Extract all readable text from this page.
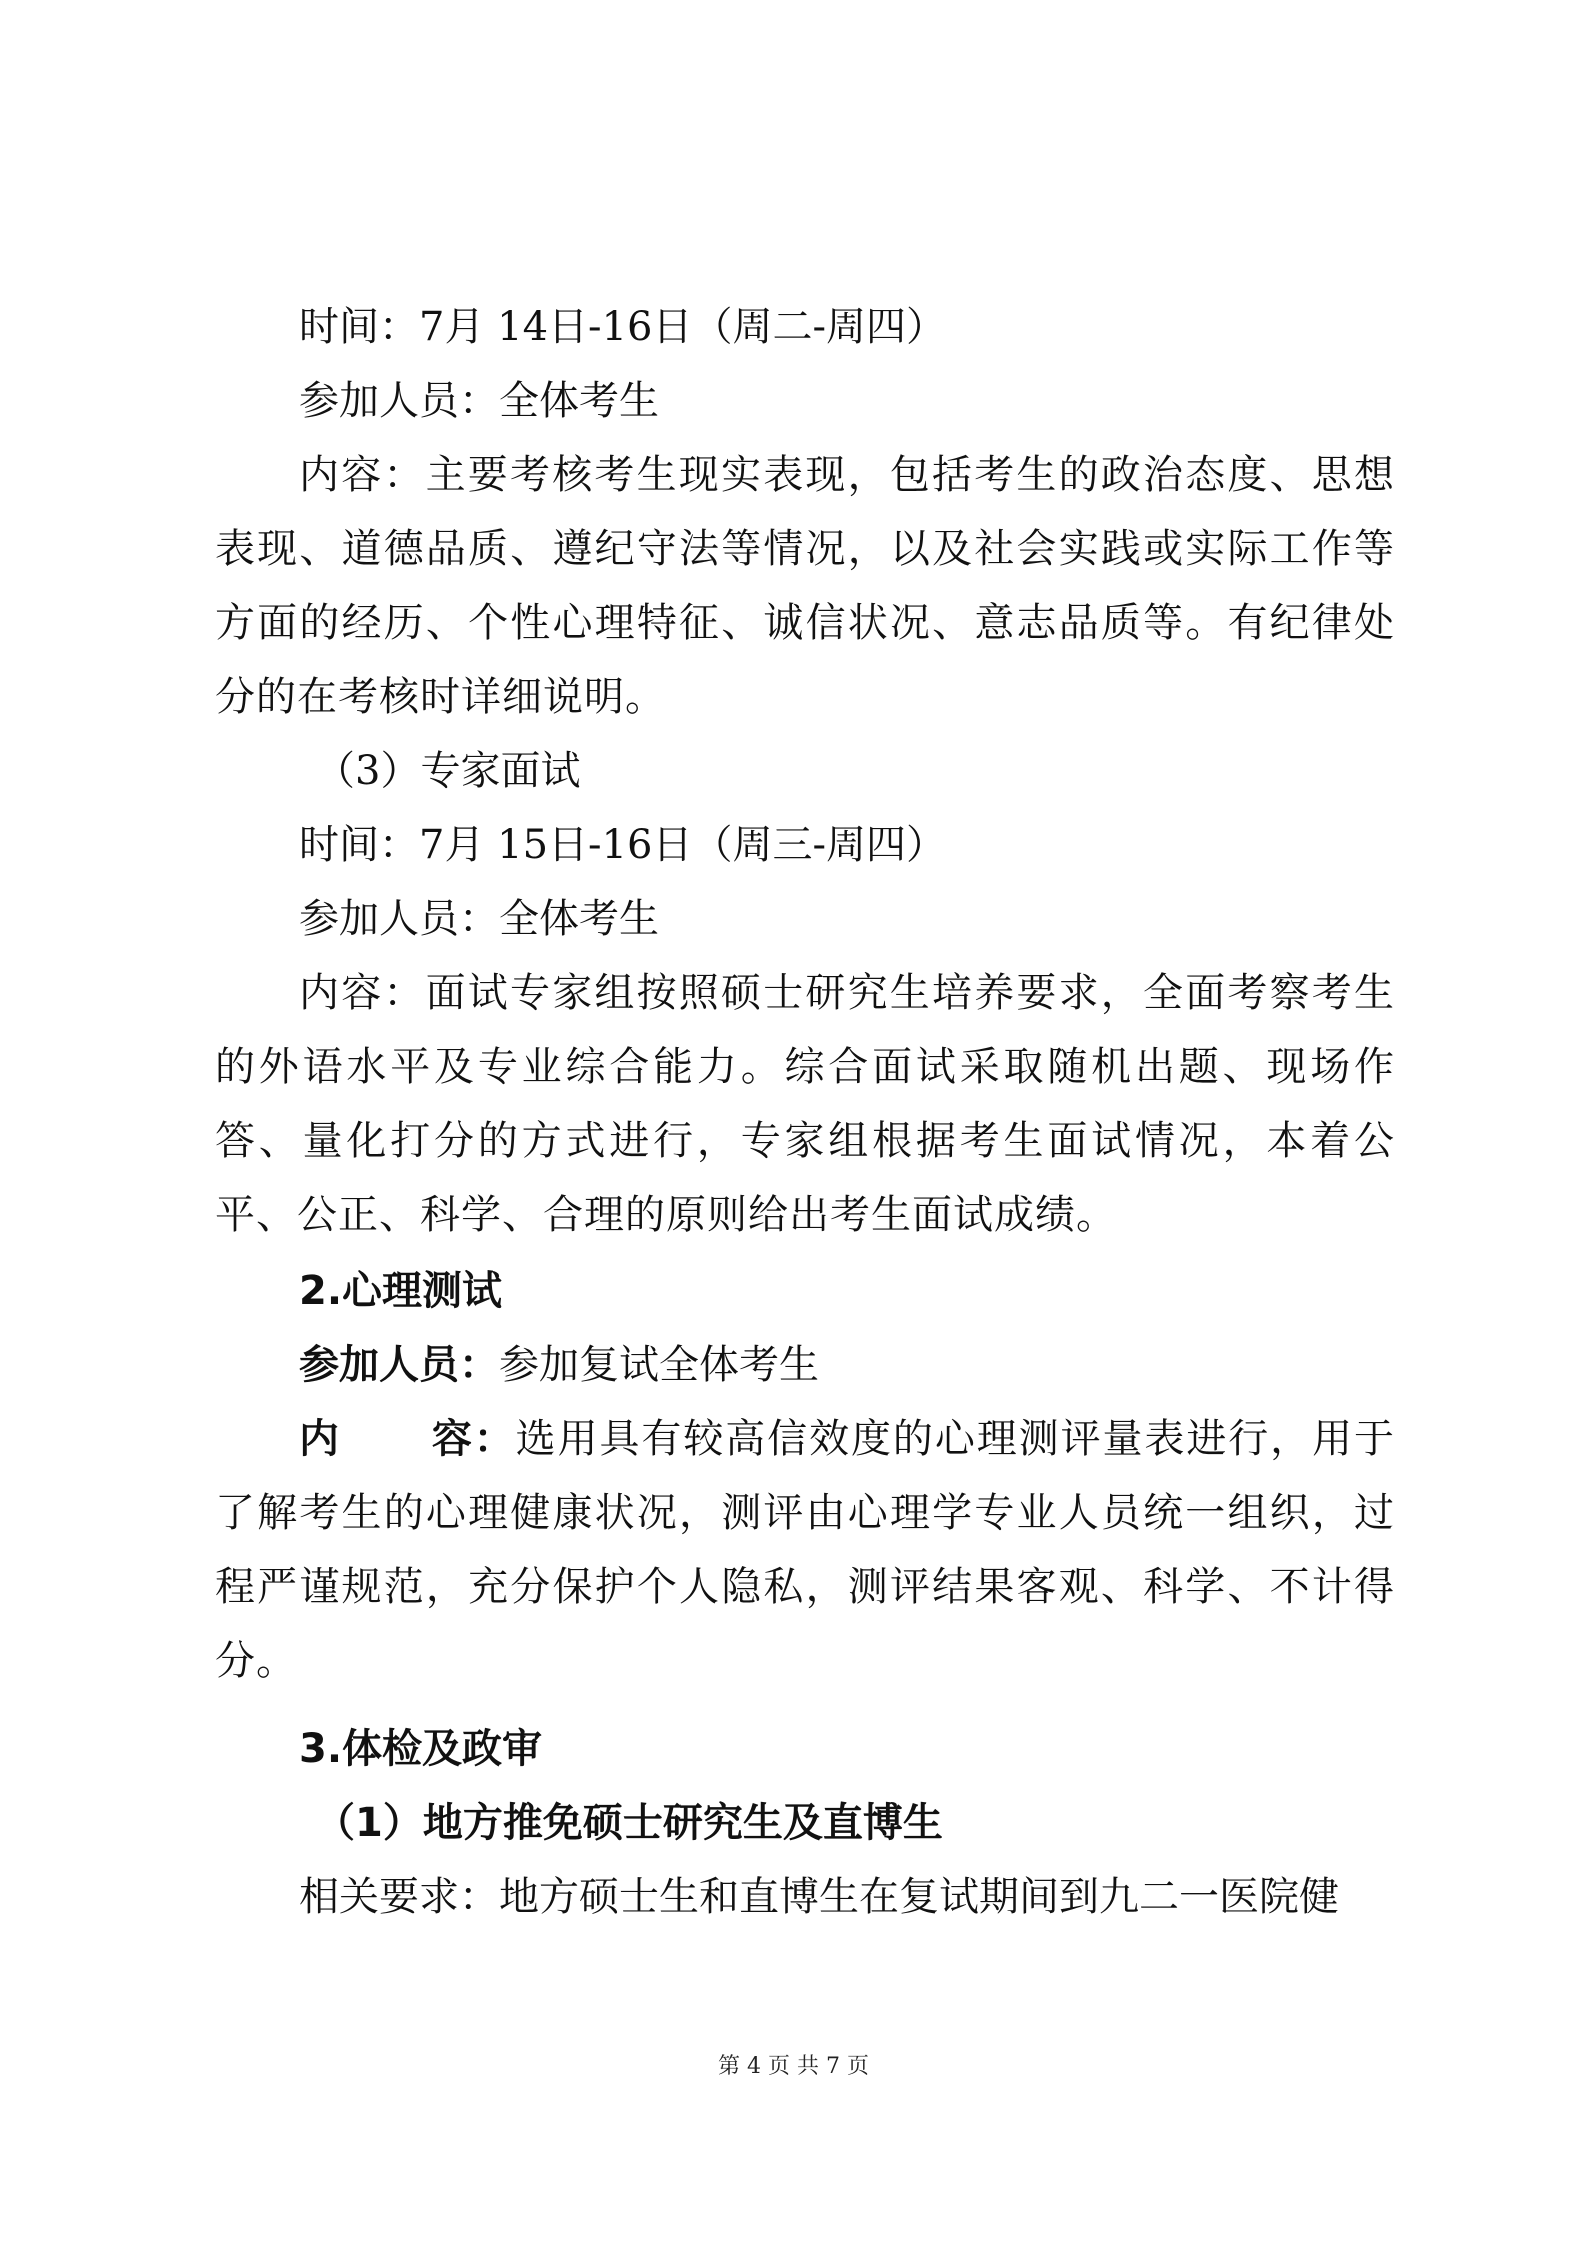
时间：7月 14日-16日（周二-周四）
参加人员：全体考生

内容：主要考核考生现实表现，包括考生的政治态度、思想表现、道德品质、遵纪守法等情况，以及社会实践或实际工作等方面的经历、个性心理特征、诚信状况、意志品质等。有纪律处分的在考核时详细说明。

（3）专家面试
时间：7月 15日-16日（周三-周四）
参加人员：全体考生

内容：面试专家组按照硕士研究生培养要求，全面考察考生的外语水平及专业综合能力。综合面试采取随机出题、现场作答、量化打分的方式进行，专家组根据考生面试情况，本着公平、公正、科学、合理的原则给出考生面试成绩。

2.心理测试
参加人员：参加复试全体考生

内 容：选用具有较高信效度的心理测评量表进行，用于了解考生的心理健康状况，测评由心理学专业人员统一组织，过程严谨规范，充分保护个人隐私，测评结果客观、科学、不计得分。

3.体检及政审
（1）地方推免硕士研究生及直博生
相关要求：地方硕士生和直博生在复试期间到九二一医院健
第 4 页 共 7 页
